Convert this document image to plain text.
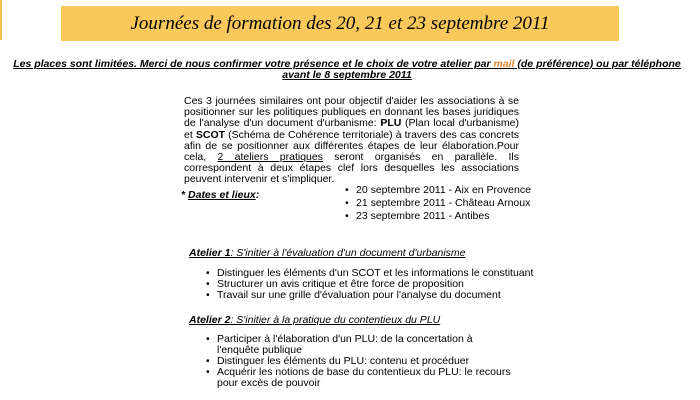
Journées de formation des 20, 21 et 23 septembre 2011
Les places sont limitées. Merci de nous confirmer votre présence et le choix de votre atelier par mail (de préférence) ou par téléphone avant le 8 septembre 2011
Ces 3 journées similaires ont pour objectif d'aider les associations à se positionner sur les politiques publiques en donnant les bases juridiques de l'analyse d'un document d'urbanisme: PLU (Plan local d'urbanisme) et SCOT (Schéma de Cohérence territoriale) à travers des cas concrets afin de se positionner aux différentes étapes de leur élaboration.Pour cela, 2 ateliers pratiques seront organisés en parallèle. Ils correspondent à deux étapes clef lors desquelles les associations peuvent intervenir et s'impliquer.
* Dates et lieux:
•	20 septembre 2011 - Aix en Provence
• 21 septembre 2011 - Château Arnoux
• 23 septembre 2011 - Antibes
Atelier 1: S'initier à l'évaluation d'un document d'urbanisme
• Distinguer les éléments d'un SCOT et les informations le constituant
• Structurer un avis critique et être force de proposition
• Travail sur une grille d'évaluation pour l'analyse du document
Atelier 2: S'initier à la pratique du contentieux du PLU
• Participer à l'élaboration d'un PLU: de la concertation à l'enquête publique
• Distinguer les éléments du PLU: contenu et procéduer
• Acquérir les notions de base du contentieux du PLU: le recours pour excès de pouvoir
